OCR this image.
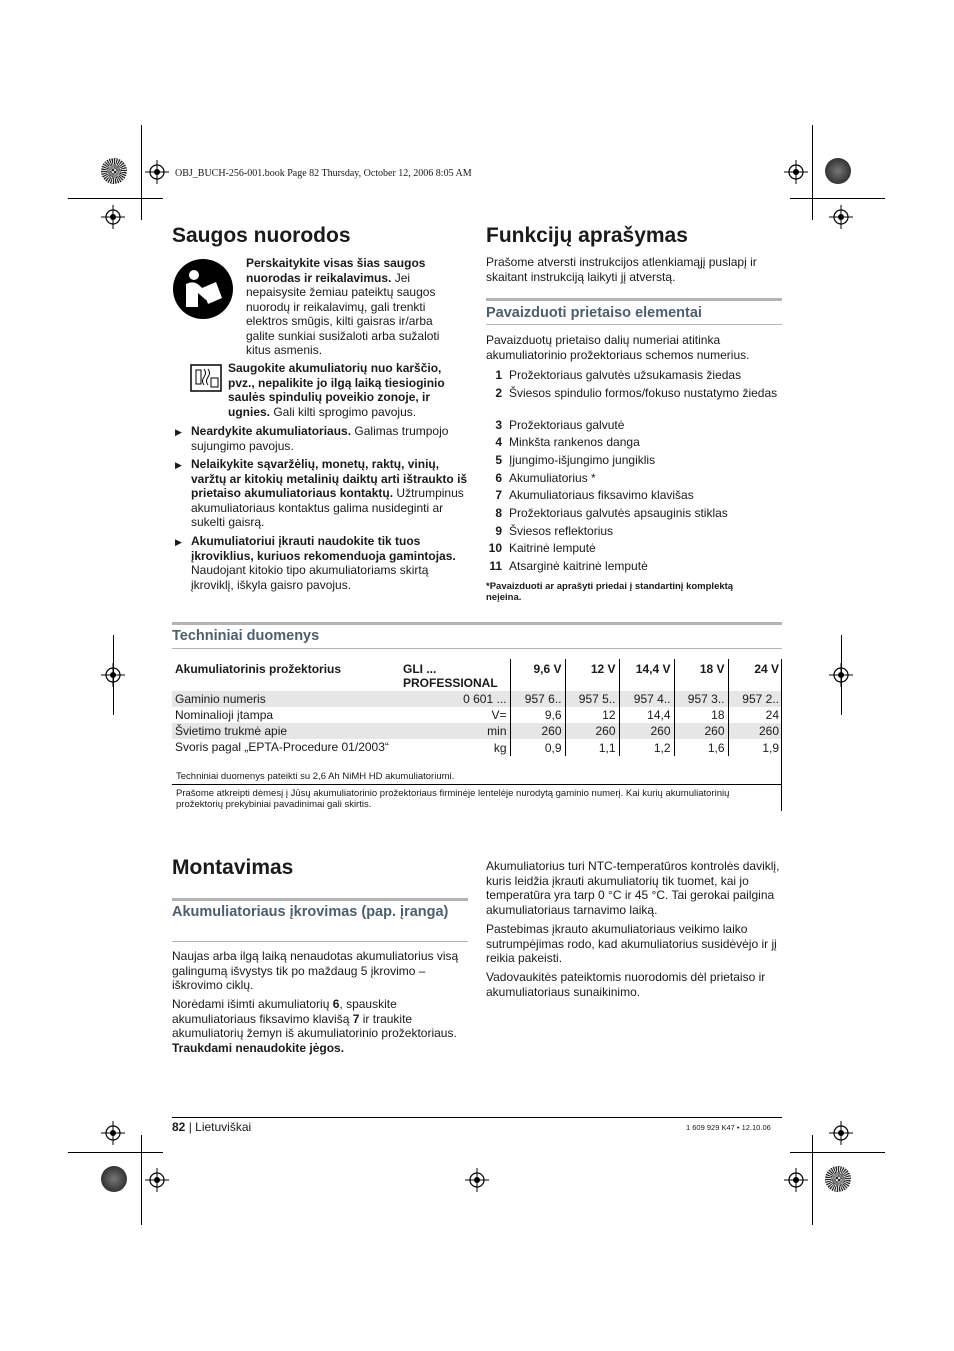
OBJ_BUCH-256-001.book Page 82 Thursday, October 12, 2006 8:05 AM
Saugos nuorodos
Perskaitykite visas šias saugos nuorodas ir reikalavimus. Jei nepaisysite žemiau pateiktų saugos nuorodų ir reikalavimų, gali trenkti elektros smūgis, kilti gaisras ir/arba galite sunkiai susižaloti arba sužaloti kitus asmenis.
Saugokite akumuliatorių nuo karščio, pvz., nepalikite jo ilgą laiką tiesioginio saulės spindulių poveikio zonoje, ir ugnies. Gali kilti sprogimo pavojus.
▶ Neardykite akumuliatoriaus. Galimas trumpojo sujungimo pavojus.
▶ Nelaikykite sąvaržėlių, monetų, raktų, vinių, varžtų ar kitokių metalinių daiktų arti ištraukto iš prietaiso akumuliatoriaus kontaktų. Užtrumpinus akumuliatoriaus kontaktus galima nusideginti ar sukelti gaisrą.
▶ Akumuliatoriui įkrauti naudokite tik tuos įkroviklius, kuriuos rekomenduoja gamintojas. Naudojant kitokio tipo akumuliatoriams skirtą įkroviklį, iškyla gaisro pavojus.
Funkcijų aprašymas
Prašome atversti instrukcijos atlenkiamąjį puslapį ir skaitant instrukciją laikyti jį atverstą.
Pavaizduoti prietaiso elementai
Pavaizduotų prietaiso dalių numeriai atitinka akumuliatorinio prožektoriaus schemos numerius.
1 Prožektoriaus galvutės užsukamasis žiedas
2 Šviesos spindulio formos/fokuso nustatymo žiedas
3 Prožektoriaus galvutė
4 Minkšta rankenos danga
5 Įjungimo-išjungimo jungiklis
6 Akumuliatorius *
7 Akumuliatoriaus fiksavimo klavišas
8 Prožektoriaus galvutės apsauginis stiklas
9 Šviesos reflektorius
10 Kaitrinė lemputė
11 Atsarginė kaitrinė lemputė
*Pavaizduoti ar aprašyti priedai į standartinį komplektą neįeina.
Techniniai duomenys
Akumuliatorinis prožektorius	GLI ...
PROFESSIONAL	9,6 V	12 V	14,4 V	18 V	24 V
Gaminio numeris	0 601 ...	957 6..	957 5..	957 4..	957 3..	957 2..
Nominalioji įtampa	V=	9,6	12	14,4	18	24
Švietimo trukmė apie	min	260	260	260	260	260
Svoris pagal „EPTA-Procedure 01/2003“	kg	0,9	1,1	1,2	1,6	1,9
Techniniai duomenys pateikti su 2,6 Ah NiMH HD akumuliatoriumi.
Prašome atkreipti dėmesį į Jūsų akumuliatorinio prožektoriaus firminėje lentelėje nurodytą gaminio numerį. Kai kurių akumuliatorinių prožektorių prekybiniai pavadinimai gali skirtis.
Montavimas
Akumuliatoriaus įkrovimas (pap. įranga)
Naujas arba ilgą laiką nenaudotas akumuliatorius visą galingumą išvystys tik po maždaug 5 įkrovimo – iškrovimo ciklų.
Norėdami išimti akumuliatorių 6, spauskite akumuliatoriaus fiksavimo klavišą 7 ir traukite akumuliatorių žemyn iš akumuliatorinio prožektoriaus. Traukdami nenaudokite jėgos.
Akumuliatorius turi NTC-temperatūros kontrolės daviklį, kuris leidžia įkrauti akumuliatorių tik tuomet, kai jo temperatūra yra tarp 0 °C ir 45 °C. Tai gerokai pailgina akumuliatoriaus tarnavimo laiką.
Pastebimas įkrauto akumuliatoriaus veikimo laiko sutrumpėjimas rodo, kad akumuliatorius susidėvėjo ir jį reikia pakeisti.
Vadovaukitės pateiktomis nuorodomis dėl prietaiso ir akumuliatoriaus sunaikinimo.
82 | Lietuviškai	1 609 929 K47 • 12.10.06
